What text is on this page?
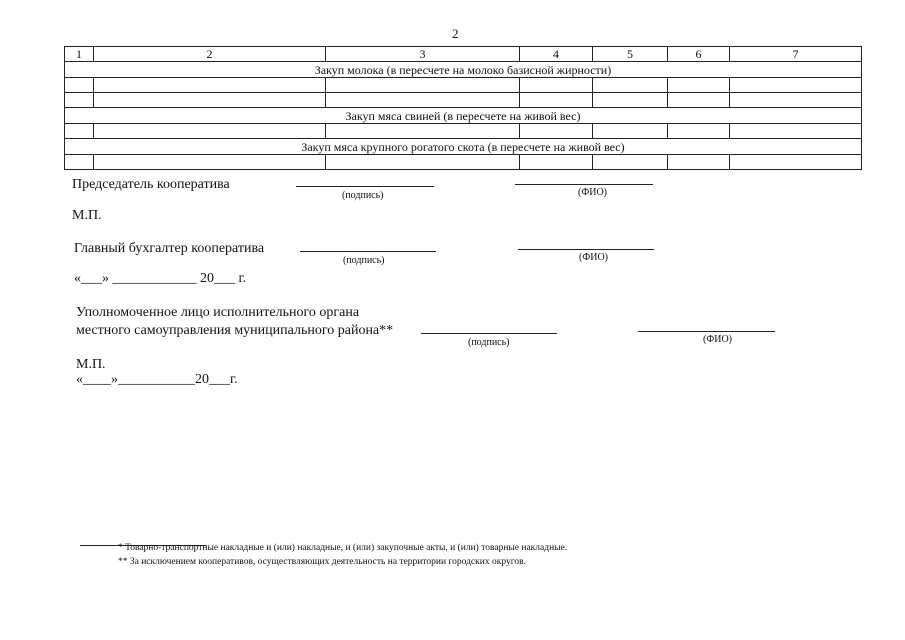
2
1	2	3	4	5	6	7
Закуп молока (в пересчете на молоко базисной жирности)						

Закуп мяса свиней (в пересчете на живой вес)						

Закуп мяса крупного рогатого скота (в пересчете на живой вес)						

Председатель кооператива
(подпись)	(ФИО)
М.П.
Главный бухгалтер кооператива
(подпись)	(ФИО)
«___» ____________ 20___ г.
Уполномоченное лицо исполнительного органа
местного самоуправления муниципального района**
(подпись)	(ФИО)
М.П.
«____»___________20___г.
* Товарно-транспортные накладные и (или) накладные, и (или) закупочные акты, и (или) товарные накладные.
** За исключением кооперативов, осуществляющих деятельность на территории городских округов.
